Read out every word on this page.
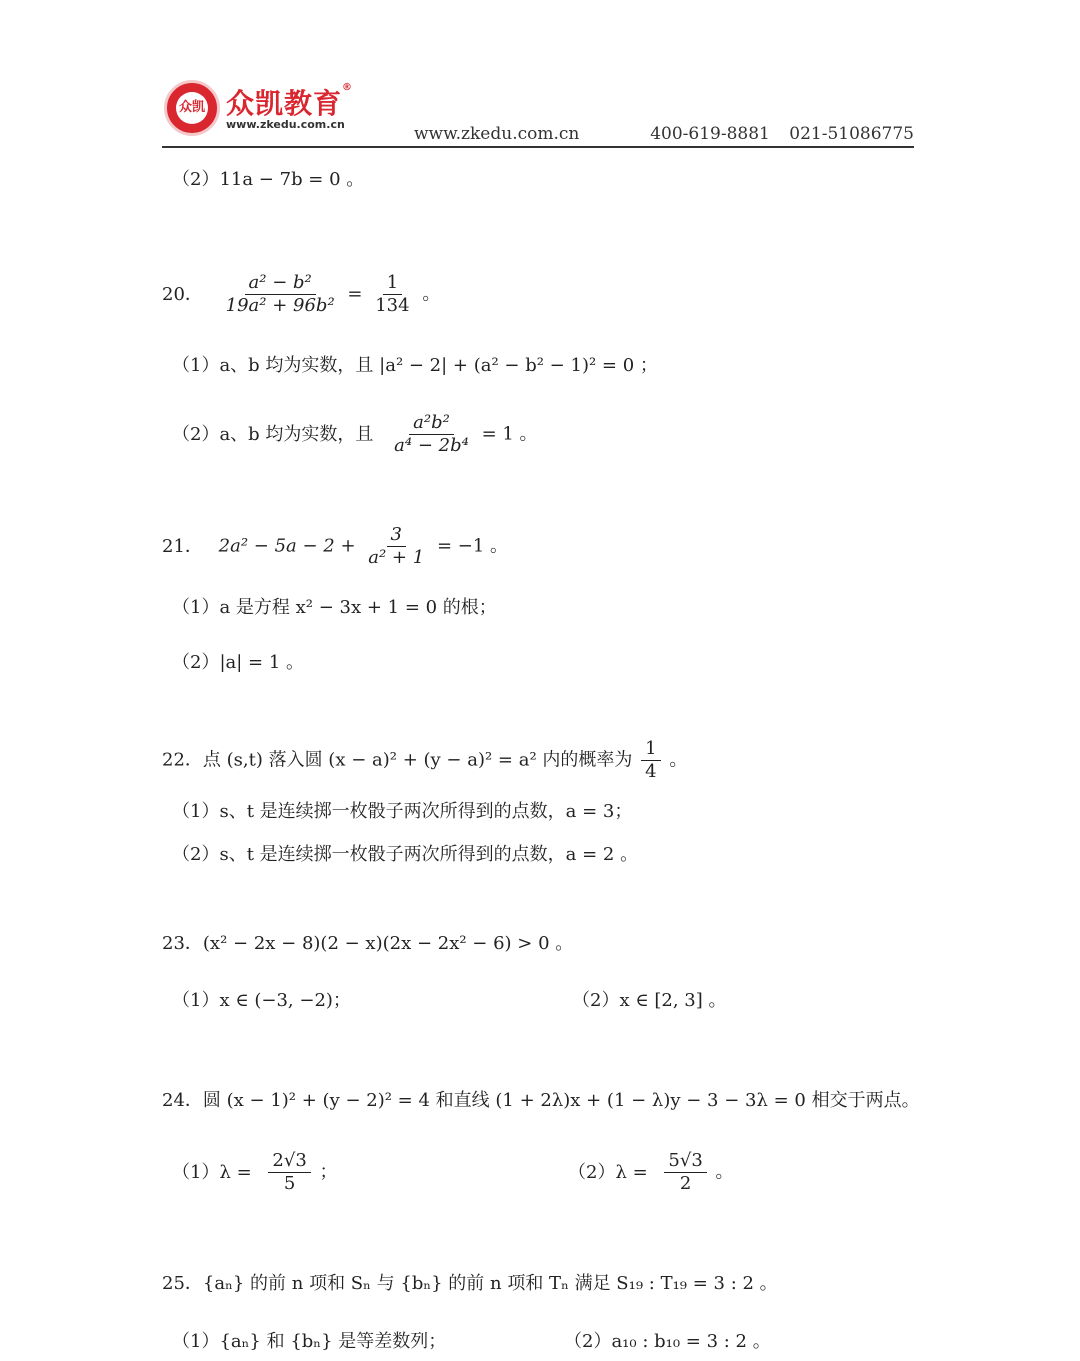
众凯 众凯教育®
www.zkedu.com.cn	www.zkedu.com.cn	400-619-8881 021-51086775
（2）11a − 7b = 0 。
20． $\frac{\text{a² − b²}}{\text{19a² + 96b²}} = \frac{1}{134}$ 。
（1）a、b 均为实数，且 |a² − 2| + (a² − b² − 1)² = 0 ；
（2）a、b 均为实数，且 $\frac{\text{a²b²}}{\text{a⁴ − 2b⁴}} = 1$ 。
21． $2a^2 - 5a - 2 + \frac{3}{\text{a² + 1}} = -1$ 。
（1）a 是方程 x² − 3x + 1 = 0 的根；
（2）|a| = 1 。
22．点 (s,t) 落入圆 (x − a)² + (y − a)² = a² 内的概率为 $\frac{1}{4}$ 。
（1）s、t 是连续掷一枚骰子两次所得到的点数，a = 3；
（2）s、t 是连续掷一枚骰子两次所得到的点数，a = 2 。
23．(x² − 2x − 8)(2 − x)(2x − 2x² − 6) > 0 。
（1）x ∈ (−3, −2)；	（2）x ∈ [2, 3] 。
24．圆 (x − 1)² + (y − 2)² = 4 和直线 (1 + 2λ)x + (1 − λ)y − 3 − 3λ = 0 相交于两点。
$(1)\lambda = \frac{2√3}{5}$ ；	$(2)\lambda = \frac{5√3}{2}$ 。
25．{aₙ} 的前 n 项和 Sₙ 与 {bₙ} 的前 n 项和 Tₙ 满足 S₁₉ : T₁₉ = 3 : 2 。
（1）{aₙ} 和 {bₙ} 是等差数列；	（2）a₁₀ : b₁₀ = 3 : 2 。
